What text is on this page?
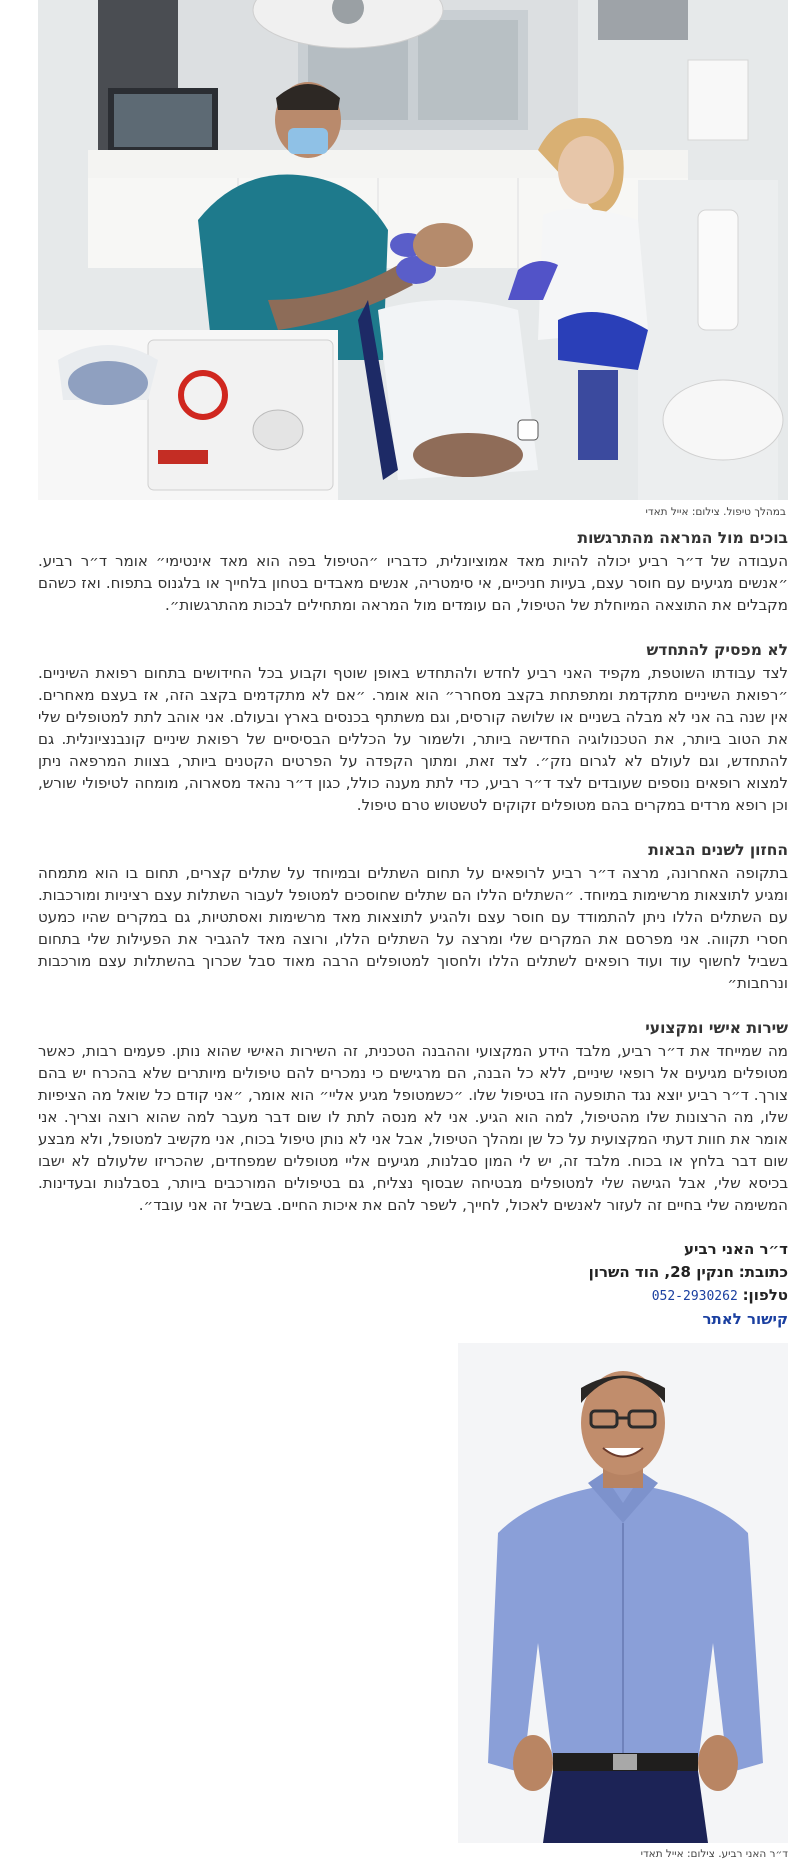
במהלך טיפול. צילום: אייל תאדי

בוכים מול המראה מהתרגשות

העבודה של ד״ר רביע יכולה להיות מאד אמוציונלית, כדבריו ״הטיפול בפה הוא מאד אינטימי״ אומר ד״ר רביע. ״אנשים מגיעים עם חוסר עצם, בעיות חניכיים, אי סימטריה, אנשים מאבדים בטחון בלחייך או בלגנוס בתפוח. ואז כשהם מקבלים את התוצאה המיוחלת של הטיפול, הם עומדים מול המראה ומתחילים לבכות מהתרגשות״.

לא מפסיק להתחדש

לצד עבודתו השוטפת, מקפיד האני רביע לחדש ולהתחדש באופן שוטף וקבוע בכל החידושים בתחום רפואת השיניים. ״רפואת השיניים מתקדמת ומתפתחת בקצב מסחרר״ הוא אומר. ״אם לא מתקדמים בקצב הזה, אז בעצם מאחרים. אין שנה בה אני לא מבלה בשניים או שלושה קורסים, וגם משתתף בכנסים בארץ ובעולם. אני אוהב לתת למטופלים שלי את הטוב ביותר, את הטכנולוגיה החדישה ביותר, ולשמור על הכללים הבסיסיים של רפואת שיניים קונבנציונלית. גם להתחדש, וגם לעולם לא לגרום נזק״. לצד זאת, ומתוך הקפדה על הפרטים הקטנים ביותר, בצוות המרפאה ניתן למצוא רופאים נוספים שעובדים לצד ד״ר רביע, כדי לתת מענה כולל, כגון ד״ר נהאד מסארוה, מומחה לטיפולי שורש, וכן רופא מרדים במקרים בהם מטופלים זקוקים לטשטוש טרם טיפול.

החזון לשנים הבאות

בתקופה האחרונה, מרצה ד״ר רביע לרופאים על תחום השתלים ובמיוחד על שתלים קצרים, תחום בו הוא מתמחה ומגיע לתוצאות מרשימות במיוחד. ״השתלים הללו הם שתלים שחוסכים למטופל לעבור השתלות עצם רציניות ומורכבות. עם השתלים הללו ניתן להתמודד עם חוסר עצם ולהגיע לתוצאות מאד מרשימות ואסתטיות, גם במקרים שהיו כמעט חסרי תקווה. אני מפרסם את המקרים שלי ומרצה על השתלים הללו, ורוצה מאד להגביר את הפעילות שלי בתחום בשביל לחשוף עוד ועוד רופאים לשתלים הללו ולחסוך למטופלים הרבה מאוד סבל שכרוך בהשתלות עצם מורכבות ונרחבות״

שירות אישי ומקצועי

מה שמייחד את ד״ר רביע, מלבד הידע המקצועי וההבנה הטכנית, זה השירות האישי שהוא נותן. פעמים רבות, כאשר מטופלים מגיעים אל רופאי שיניים, ללא כל הבנה, הם מרגישים כי נמכרים להם טיפולים מיותרים שלא בהכרח יש בהם צורך. ד״ר רביע יוצא נגד התופעה הזו בטיפול שלו. ״כשמטופל מגיע אליי״ הוא אומר, ״אני קודם כל שואל מה הציפיות שלו, מה הרצונות שלו מהטיפול, למה הוא הגיע. אני לא מנסה לתת לו שום דבר מעבר למה שהוא רוצה וצריך. אני אומר את חוות דעתי המקצועית על כל שן ומהלך הטיפול, אבל אני לא נותן טיפול בכוח, אני מקשיב למטופל, ולא מבצע שום דבר בלחץ או בכוח. מלבד זה, יש לי המון סבלנות, מגיעים אליי מטופלים שמפחדים, שהכריזו שלעולם לא ישבו בכיסא שלי, אבל הגישה שלי למטופלים מבטיחה שבסוף נצליח, גם בטיפולים המורכבים ביותר, בסבלנות ובעדינות. המשימה שלי בחיים זה לעזור לאנשים לאכול, לחייך, לשפר להם את איכות החיים. בשביל זה אני עובד״.

ד״ר האני רביע
כתובת: חנקין 28, הוד השרון
טלפון: 052-2930262
קישור לאתר

ד״ר האני רביע. צילום: אייל תאדי
